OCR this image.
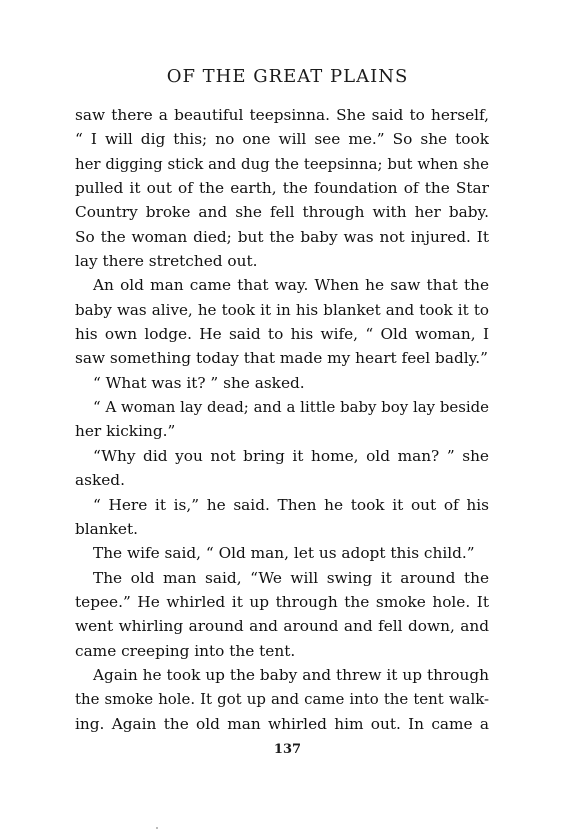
OF THE GREAT PLAINS
saw there a beautiful teepsinna. She said to herself,
“ I will dig this; no one will see me.” So she took
her digging stick and dug the teepsinna; but when she
pulled it out of the earth, the foundation of the Star
Country broke and she fell through with her baby.
So the woman died; but the baby was not injured. It
lay there stretched out.
An old man came that way. When he saw that the
baby was alive, he took it in his blanket and took it to
his own lodge. He said to his wife, “ Old woman, I
saw something today that made my heart feel badly.”
“ What was it? ” she asked.
“ A woman lay dead; and a little baby boy lay beside
her kicking.”
“Why did you not bring it home, old man? ” she
asked.
“ Here it is,” he said. Then he took it out of his
blanket.
The wife said, “ Old man, let us adopt this child.”
The old man said, “We will swing it around the
tepee.” He whirled it up through the smoke hole. It
went whirling around and around and fell down, and
came creeping into the tent.
Again he took up the baby and threw it up through
the smoke hole. It got up and came into the tent walk-
ing. Again the old man whirled him out. In came a
137
